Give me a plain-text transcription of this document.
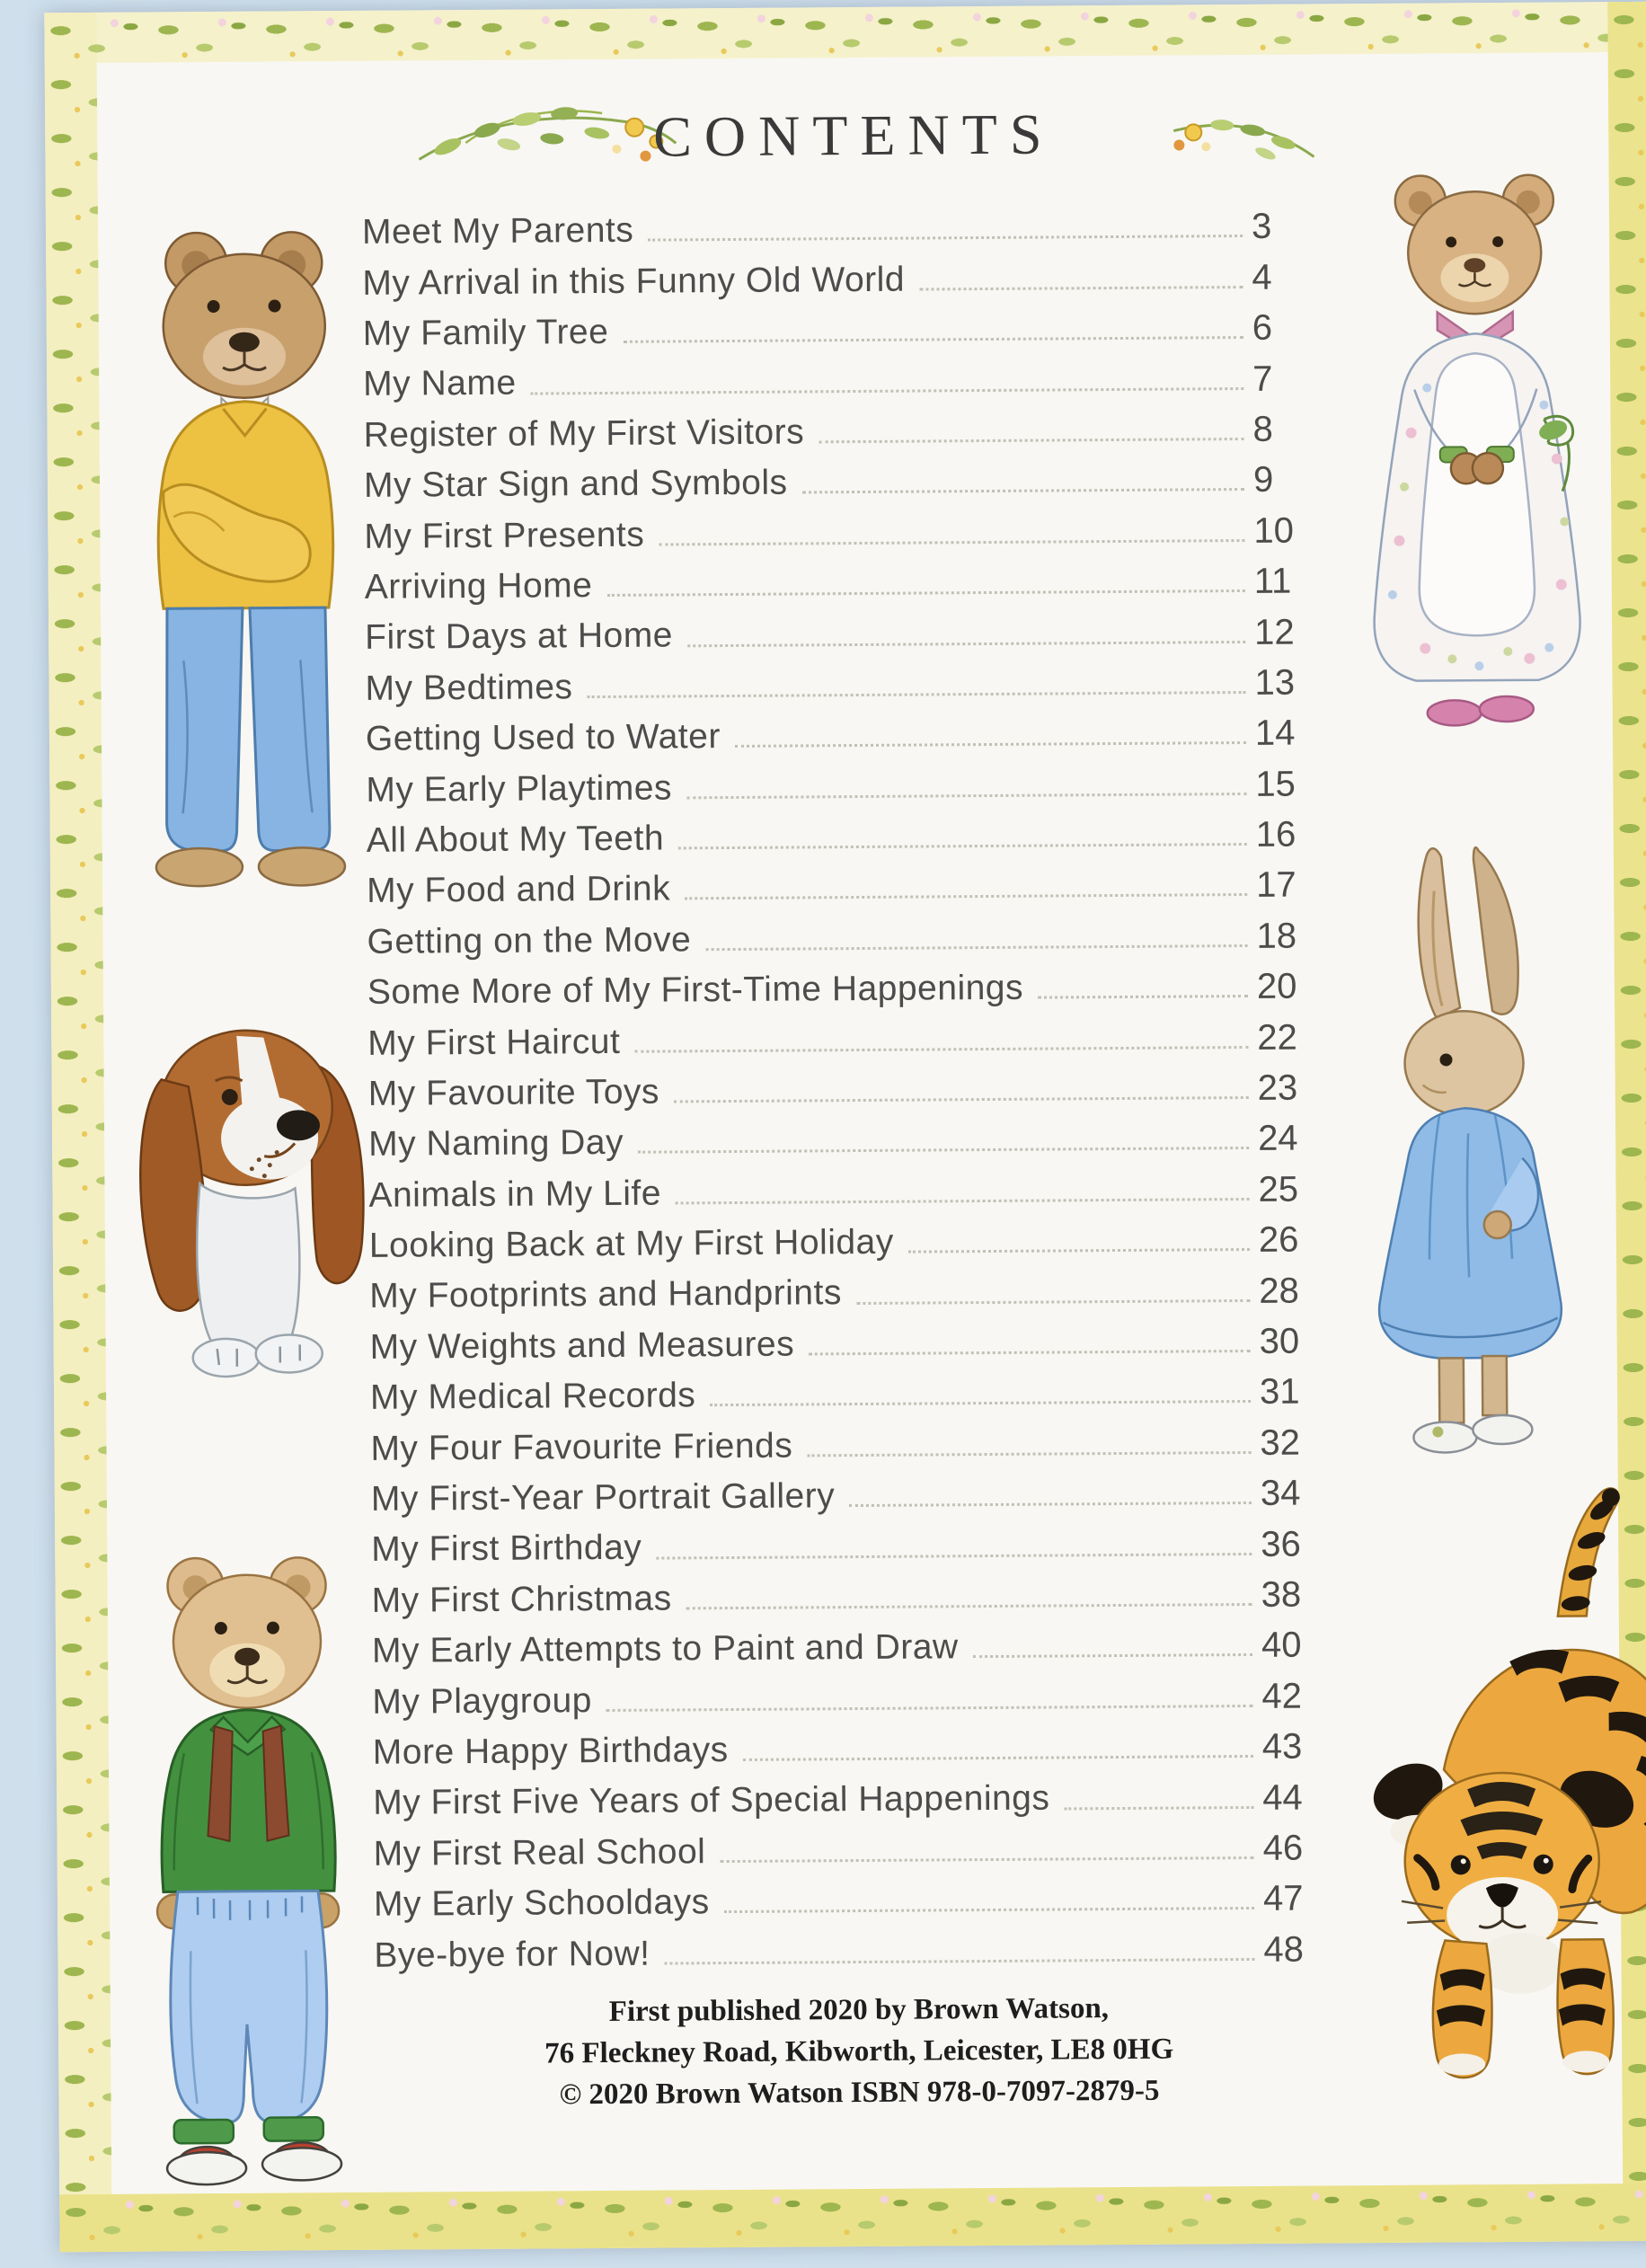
CONTENTS
Meet My Parents	3
My Arrival in this Funny Old World	4
My Family Tree	6
My Name	7
Register of My First Visitors	8
My Star Sign and Symbols	9
My First Presents	10
Arriving Home	11
First Days at Home	12
My Bedtimes	13
Getting Used to Water	14
My Early Playtimes	15
All About My Teeth	16
My Food and Drink	17
Getting on the Move	18
Some More of My First-Time Happenings	20
My First Haircut	22
My Favourite Toys	23
My Naming Day	24
Animals in My Life	25
Looking Back at My First Holiday	26
My Footprints and Handprints	28
My Weights and Measures	30
My Medical Records	31
My Four Favourite Friends	32
My First-Year Portrait Gallery	34
My First Birthday	36
My First Christmas	38
My Early Attempts to Paint and Draw	40
My Playgroup	42
More Happy Birthdays	43
My First Five Years of Special Happenings	44
My First Real School	46
My Early Schooldays	47
Bye-bye for Now!	48
First published 2020 by Brown Watson,
76 Fleckney Road, Kibworth, Leicester, LE8 0HG
© 2020 Brown Watson ISBN 978-0-7097-2879-5
